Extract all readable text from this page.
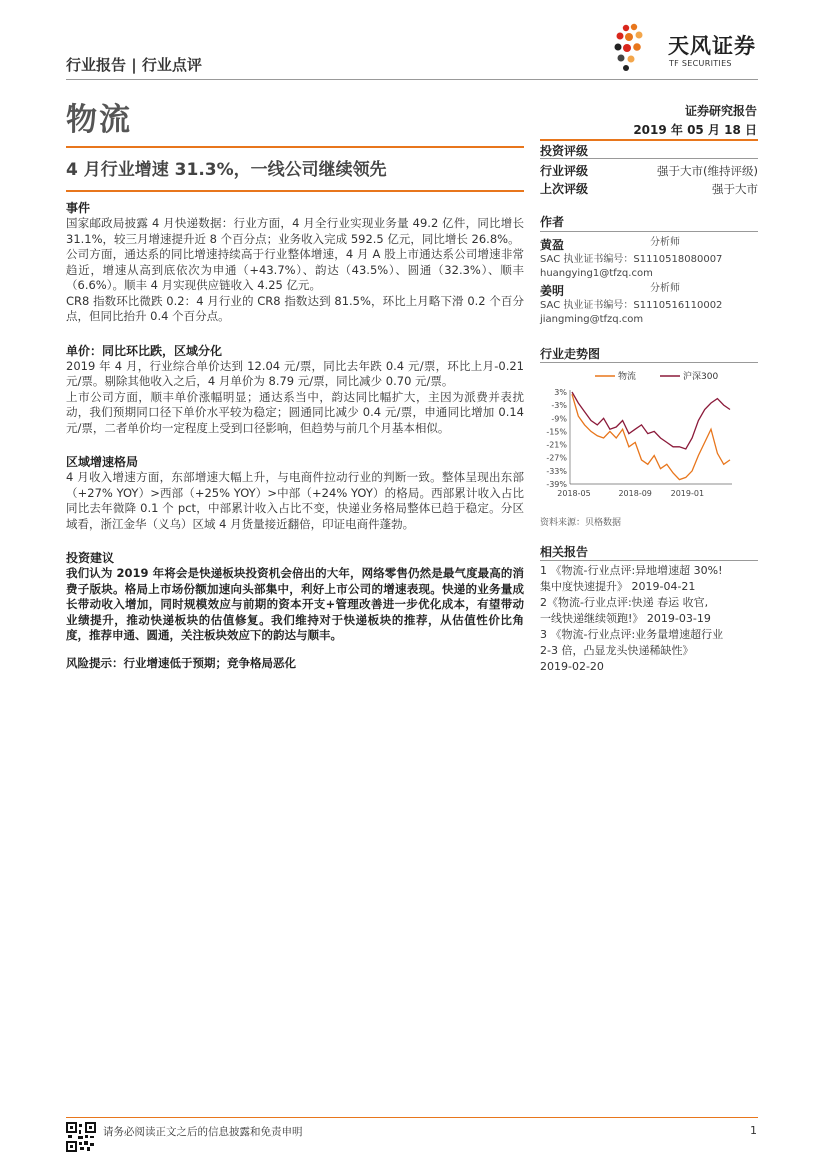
行业报告 | 行业点评
天风证券
TF SECURITIES
物流	证券研究报告
2019 年 05 月 18 日
4 月行业增速 31.3%，一线公司继续领先
事件
国家邮政局披露 4 月快递数据：行业方面，4 月全行业实现业务量 49.2 亿件，同比增长 31.1%，较三月增速提升近 8 个百分点；业务收入完成 592.5 亿元，同比增长 26.8%。
公司方面，通达系的同比增速持续高于行业整体增速，4 月 A 股上市通达系公司增速非常趋近，增速从高到底依次为申通（+43.7%）、韵达（43.5%）、圆通（32.3%）、顺丰（6.6%）。顺丰 4 月实现供应链收入 4.25 亿元。
CR8 指数环比微跌 0.2：4 月行业的 CR8 指数达到 81.5%，环比上月略下滑 0.2 个百分点，但同比抬升 0.4 个百分点。
单价：同比环比跌，区域分化
2019 年 4 月，行业综合单价达到 12.04 元/票，同比去年跌 0.4 元/票，环比上月-0.21 元/票。剔除其他收入之后，4 月单价为 8.79 元/票，同比减少 0.70 元/票。
上市公司方面，顺丰单价涨幅明显；通达系当中，韵达同比幅扩大，主因为派费并表扰动，我们预期同口径下单价水平较为稳定；圆通同比减少 0.4 元/票，申通同比增加 0.14 元/票，二者单价均一定程度上受到口径影响，但趋势与前几个月基本相似。
区域增速格局
4 月收入增速方面，东部增速大幅上升，与电商件拉动行业的判断一致。整体呈现出东部（+27% YOY）>西部（+25% YOY）>中部（+24% YOY）的格局。西部累计收入占比同比去年微降 0.1 个 pct，中部累计收入占比不变，快递业务格局整体已趋于稳定。分区域看，浙江金华（义乌）区域 4 月货量接近翻倍，印证电商件蓬勃。
投资建议
我们认为 2019 年将会是快递板块投资机会倍出的大年，网络零售仍然是最气度最高的消费子版块。格局上市场份额加速向头部集中，利好上市公司的增速表现。快递的业务量成长带动收入增加，同时规模效应与前期的资本开支+管理改善进一步优化成本，有望带动业绩提升，推动快递板块的估值修复。我们维持对于快递板块的推荐，从估值性价比角度，推荐申通、圆通，关注板块效应下的韵达与顺丰。
风险提示：行业增速低于预期；竞争格局恶化
投资评级
行业评级	强于大市(维持评级)
上次评级	强于大市
作者
黄盈	分析师
SAC 执业证书编号：S1110518080007
huangying1@tfzq.com
姜明	分析师
SAC 执业证书编号：S1110516110002
jiangming@tfzq.com
行业走势图
物流	沪深300
3%
-3%
-9%
-15%
-21%
-27%
-33%
-39%
2018-05	2018-09 2019-01
资料来源：贝格数据
相关报告
1 《物流-行业点评:异地增速超 30%!
集中度快速提升》 2019-04-21
2《物流-行业点评:快递 春运 收官,
一线快递继续领跑!》 2019-03-19
3 《物流-行业点评:业务量增速超行业
2-3 倍，凸显龙头快递稀缺性》
2019-02-20
请务必阅读正文之后的信息披露和免责申明	1
